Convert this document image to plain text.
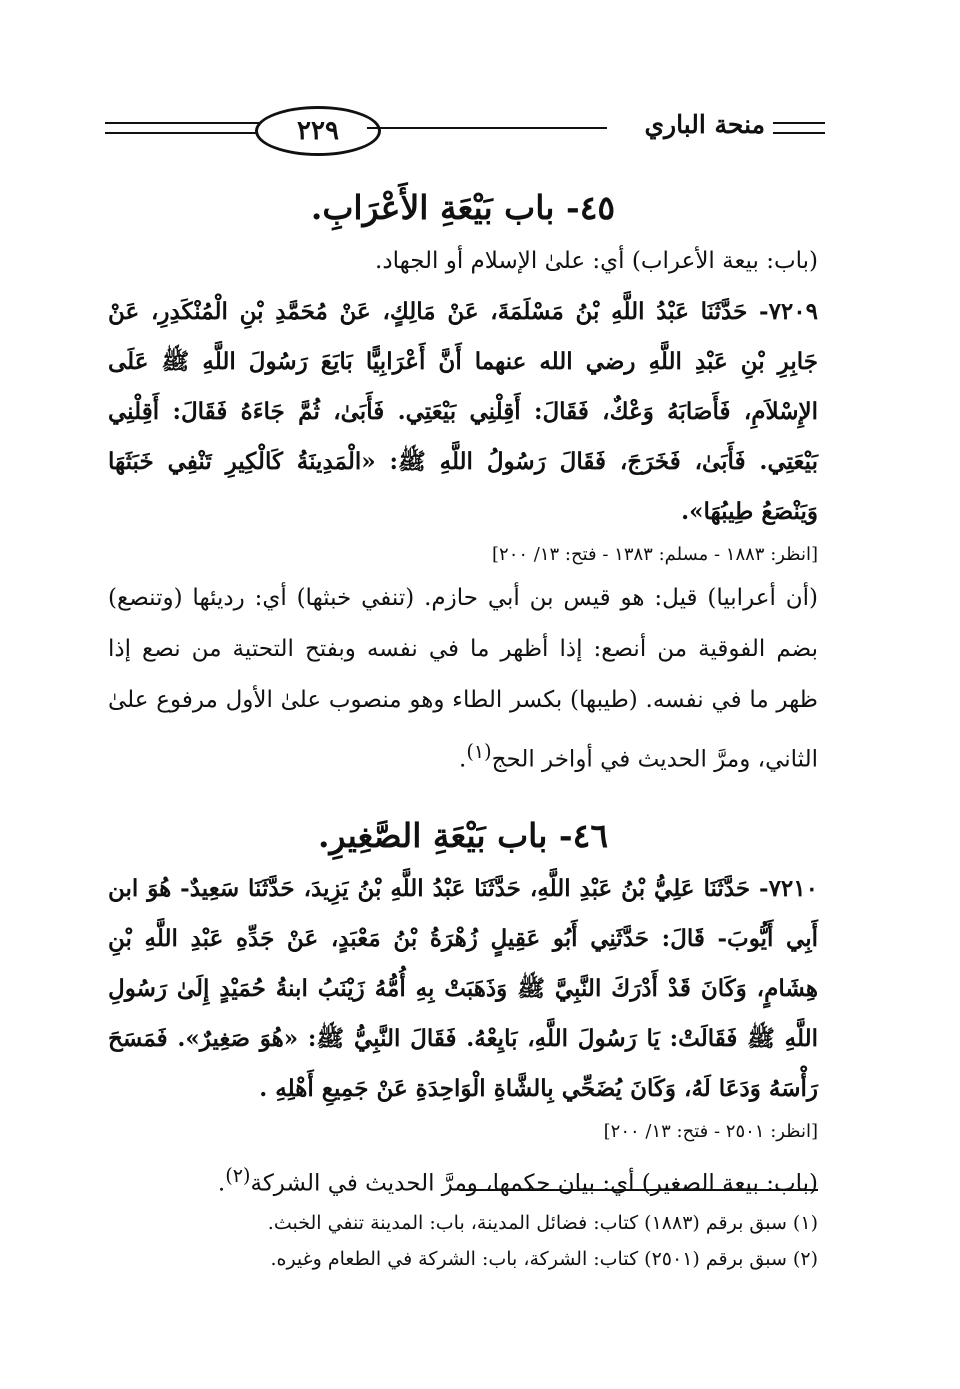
٢٢٩	منحة الباري
٤٥- باب بَيْعَةِ الأَعْرَابِ.

(باب: بيعة الأعراب) أي: علىٰ الإسلام أو الجهاد.

٧٢٠٩- حَدَّثَنَا عَبْدُ اللَّهِ بْنُ مَسْلَمَةَ، عَنْ مَالِكٍ، عَنْ مُحَمَّدِ بْنِ الْمُنْكَدِرِ، عَنْ جَابِرِ بْنِ عَبْدِ اللَّهِ رضي الله عنهما أَنَّ أَعْرَابِيًّا بَايَعَ رَسُولَ اللَّهِ ﷺ عَلَى الإِسْلاَمِ، فَأَصَابَهُ وَعْكٌ، فَقَالَ: أَقِلْنِي بَيْعَتِي. فَأَبَىٰ، ثُمَّ جَاءَهُ فَقَالَ: أَقِلْنِي بَيْعَتِي. فَأَبَىٰ، فَخَرَجَ، فَقَالَ رَسُولُ اللَّهِ ﷺ: «الْمَدِينَةُ كَالْكِيرِ تَنْفِي خَبَثَهَا وَيَنْصَعُ طِيبُهَا».

[انظر: ١٨٨٣ - مسلم: ١٣٨٣ - فتح: ١٣/ ٢٠٠]

(أن أعرابيا) قيل: هو قيس بن أبي حازم. (تنفي خبثها) أي: رديئها (وتنصع) بضم الفوقية من أنصع: إذا أظهر ما في نفسه وبفتح التحتية من نصع إذا ظهر ما في نفسه. (طيبها) بكسر الطاء وهو منصوب علىٰ الأول مرفوع علىٰ الثاني، ومرَّ الحديث في أواخر الحج$^{(١)}$.

٤٦- باب بَيْعَةِ الصَّغِيرِ.

٧٢١٠- حَدَّثَنَا عَلِيُّ بْنُ عَبْدِ اللَّهِ، حَدَّثَنَا عَبْدُ اللَّهِ بْنُ يَزِيدَ، حَدَّثَنَا سَعِيدٌ- هُوَ ابن أَبِي أَيُّوبَ- قَالَ: حَدَّثَنِي أَبُو عَقِيلٍ زُهْرَةُ بْنُ مَعْبَدٍ، عَنْ جَدِّهِ عَبْدِ اللَّهِ بْنِ هِشَامٍ، وَكَانَ قَدْ أَدْرَكَ النَّبِيَّ ﷺ وَذَهَبَتْ بِهِ أُمُّهُ زَيْنَبُ ابنةُ حُمَيْدٍ إِلَىٰ رَسُولِ اللَّهِ ﷺ فَقَالَتْ: يَا رَسُولَ اللَّهِ، بَايِعْهُ. فَقَالَ النَّبِيُّ ﷺ: «هُوَ صَغِيرٌ». فَمَسَحَ رَأْسَهُ وَدَعَا لَهُ، وَكَانَ يُضَحِّي بِالشَّاةِ الْوَاحِدَةِ عَنْ جَمِيعِ أَهْلِهِ .

[انظر: ٢٥٠١ - فتح: ١٣/ ٢٠٠]

(باب: بيعة الصغير) أي: بيان حكمها، ومرَّ الحديث في الشركة$^{(٢)}$.

(١) سبق برقم (١٨٨٣) كتاب: فضائل المدينة، باب: المدينة تنفي الخبث.

(٢) سبق برقم (٢٥٠١) كتاب: الشركة، باب: الشركة في الطعام وغيره.
